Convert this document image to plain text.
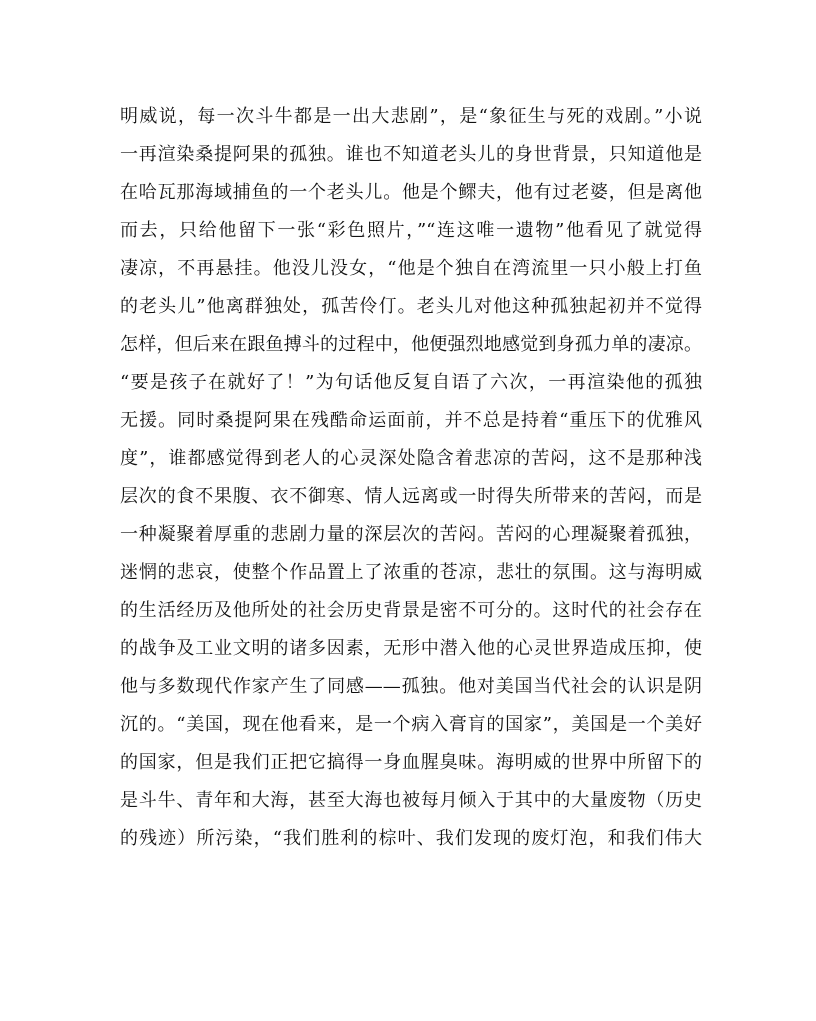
明威说，每一次斗牛都是一出大悲剧”，是“象征生与死的戏剧。”小说
一再渲染桑提阿果的孤独。谁也不知道老头儿的身世背景，只知道他是
在哈瓦那海域捕鱼的一个老头儿。他是个鳏夫，他有过老婆，但是离他
而去，只给他留下一张“彩色照片，”“连这唯一遗物”他看见了就觉得
凄凉，不再悬挂。他没儿没女，“他是个独自在湾流里一只小般上打鱼
的老头儿”他离群独处，孤苦伶仃。老头儿对他这种孤独起初并不觉得
怎样，但后来在跟鱼搏斗的过程中，他便强烈地感觉到身孤力单的凄凉。
“要是孩子在就好了！”为句话他反复自语了六次，一再渲染他的孤独
无援。同时桑提阿果在残酷命运面前，并不总是持着“重压下的优雅风
度”，谁都感觉得到老人的心灵深处隐含着悲凉的苦闷，这不是那种浅
层次的食不果腹、衣不御寒、情人远离或一时得失所带来的苦闷，而是
一种凝聚着厚重的悲剧力量的深层次的苦闷。苦闷的心理凝聚着孤独，
迷惘的悲哀，使整个作品置上了浓重的苍凉，悲壮的氛围。这与海明威
的生活经历及他所处的社会历史背景是密不可分的。这时代的社会存在
的战争及工业文明的诸多因素，无形中潜入他的心灵世界造成压抑，使
他与多数现代作家产生了同感——孤独。他对美国当代社会的认识是阴
沉的。“美国，现在他看来，是一个病入膏肓的国家”，美国是一个美好
的国家，但是我们正把它搞得一身血腥臭味。海明威的世界中所留下的
是斗牛、青年和大海，甚至大海也被每月倾入于其中的大量废物（历史
的残迹）所污染，“我们胜利的棕叶、我们发现的废灯泡，和我们伟大
